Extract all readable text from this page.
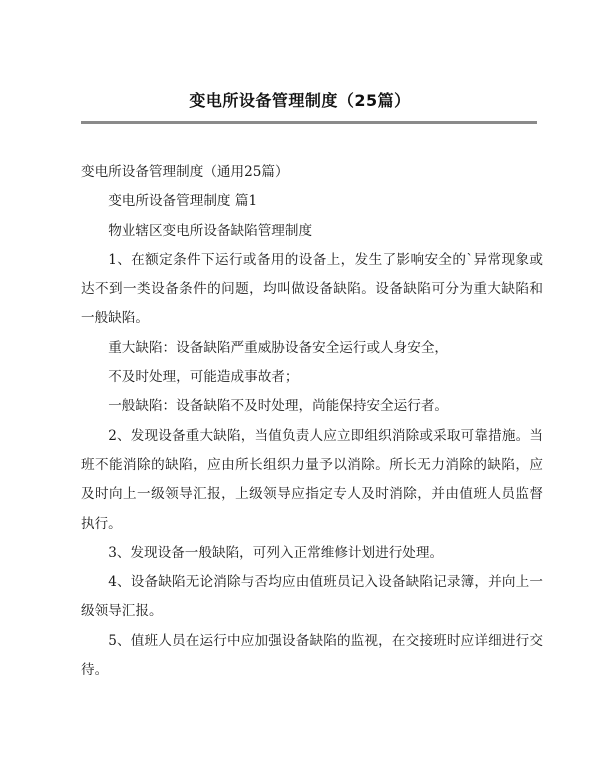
变电所设备管理制度（25篇）

变电所设备管理制度（通用25篇）

变电所设备管理制度 篇1

物业辖区变电所设备缺陷管理制度

1、在额定条件下运行或备用的设备上，发生了影响安全的`异常现象或达不到一类设备条件的问题，均叫做设备缺陷。设备缺陷可分为重大缺陷和一般缺陷。

重大缺陷：设备缺陷严重威胁设备安全运行或人身安全，

不及时处理，可能造成事故者；

一般缺陷：设备缺陷不及时处理，尚能保持安全运行者。

2、发现设备重大缺陷，当值负责人应立即组织消除或采取可靠措施。当班不能消除的缺陷，应由所长组织力量予以消除。所长无力消除的缺陷，应及时向上一级领导汇报，上级领导应指定专人及时消除，并由值班人员监督执行。

3、发现设备一般缺陷，可列入正常维修计划进行处理。

4、设备缺陷无论消除与否均应由值班员记入设备缺陷记录簿，并向上一级领导汇报。

5、值班人员在运行中应加强设备缺陷的监视，在交接班时应详细进行交待。
